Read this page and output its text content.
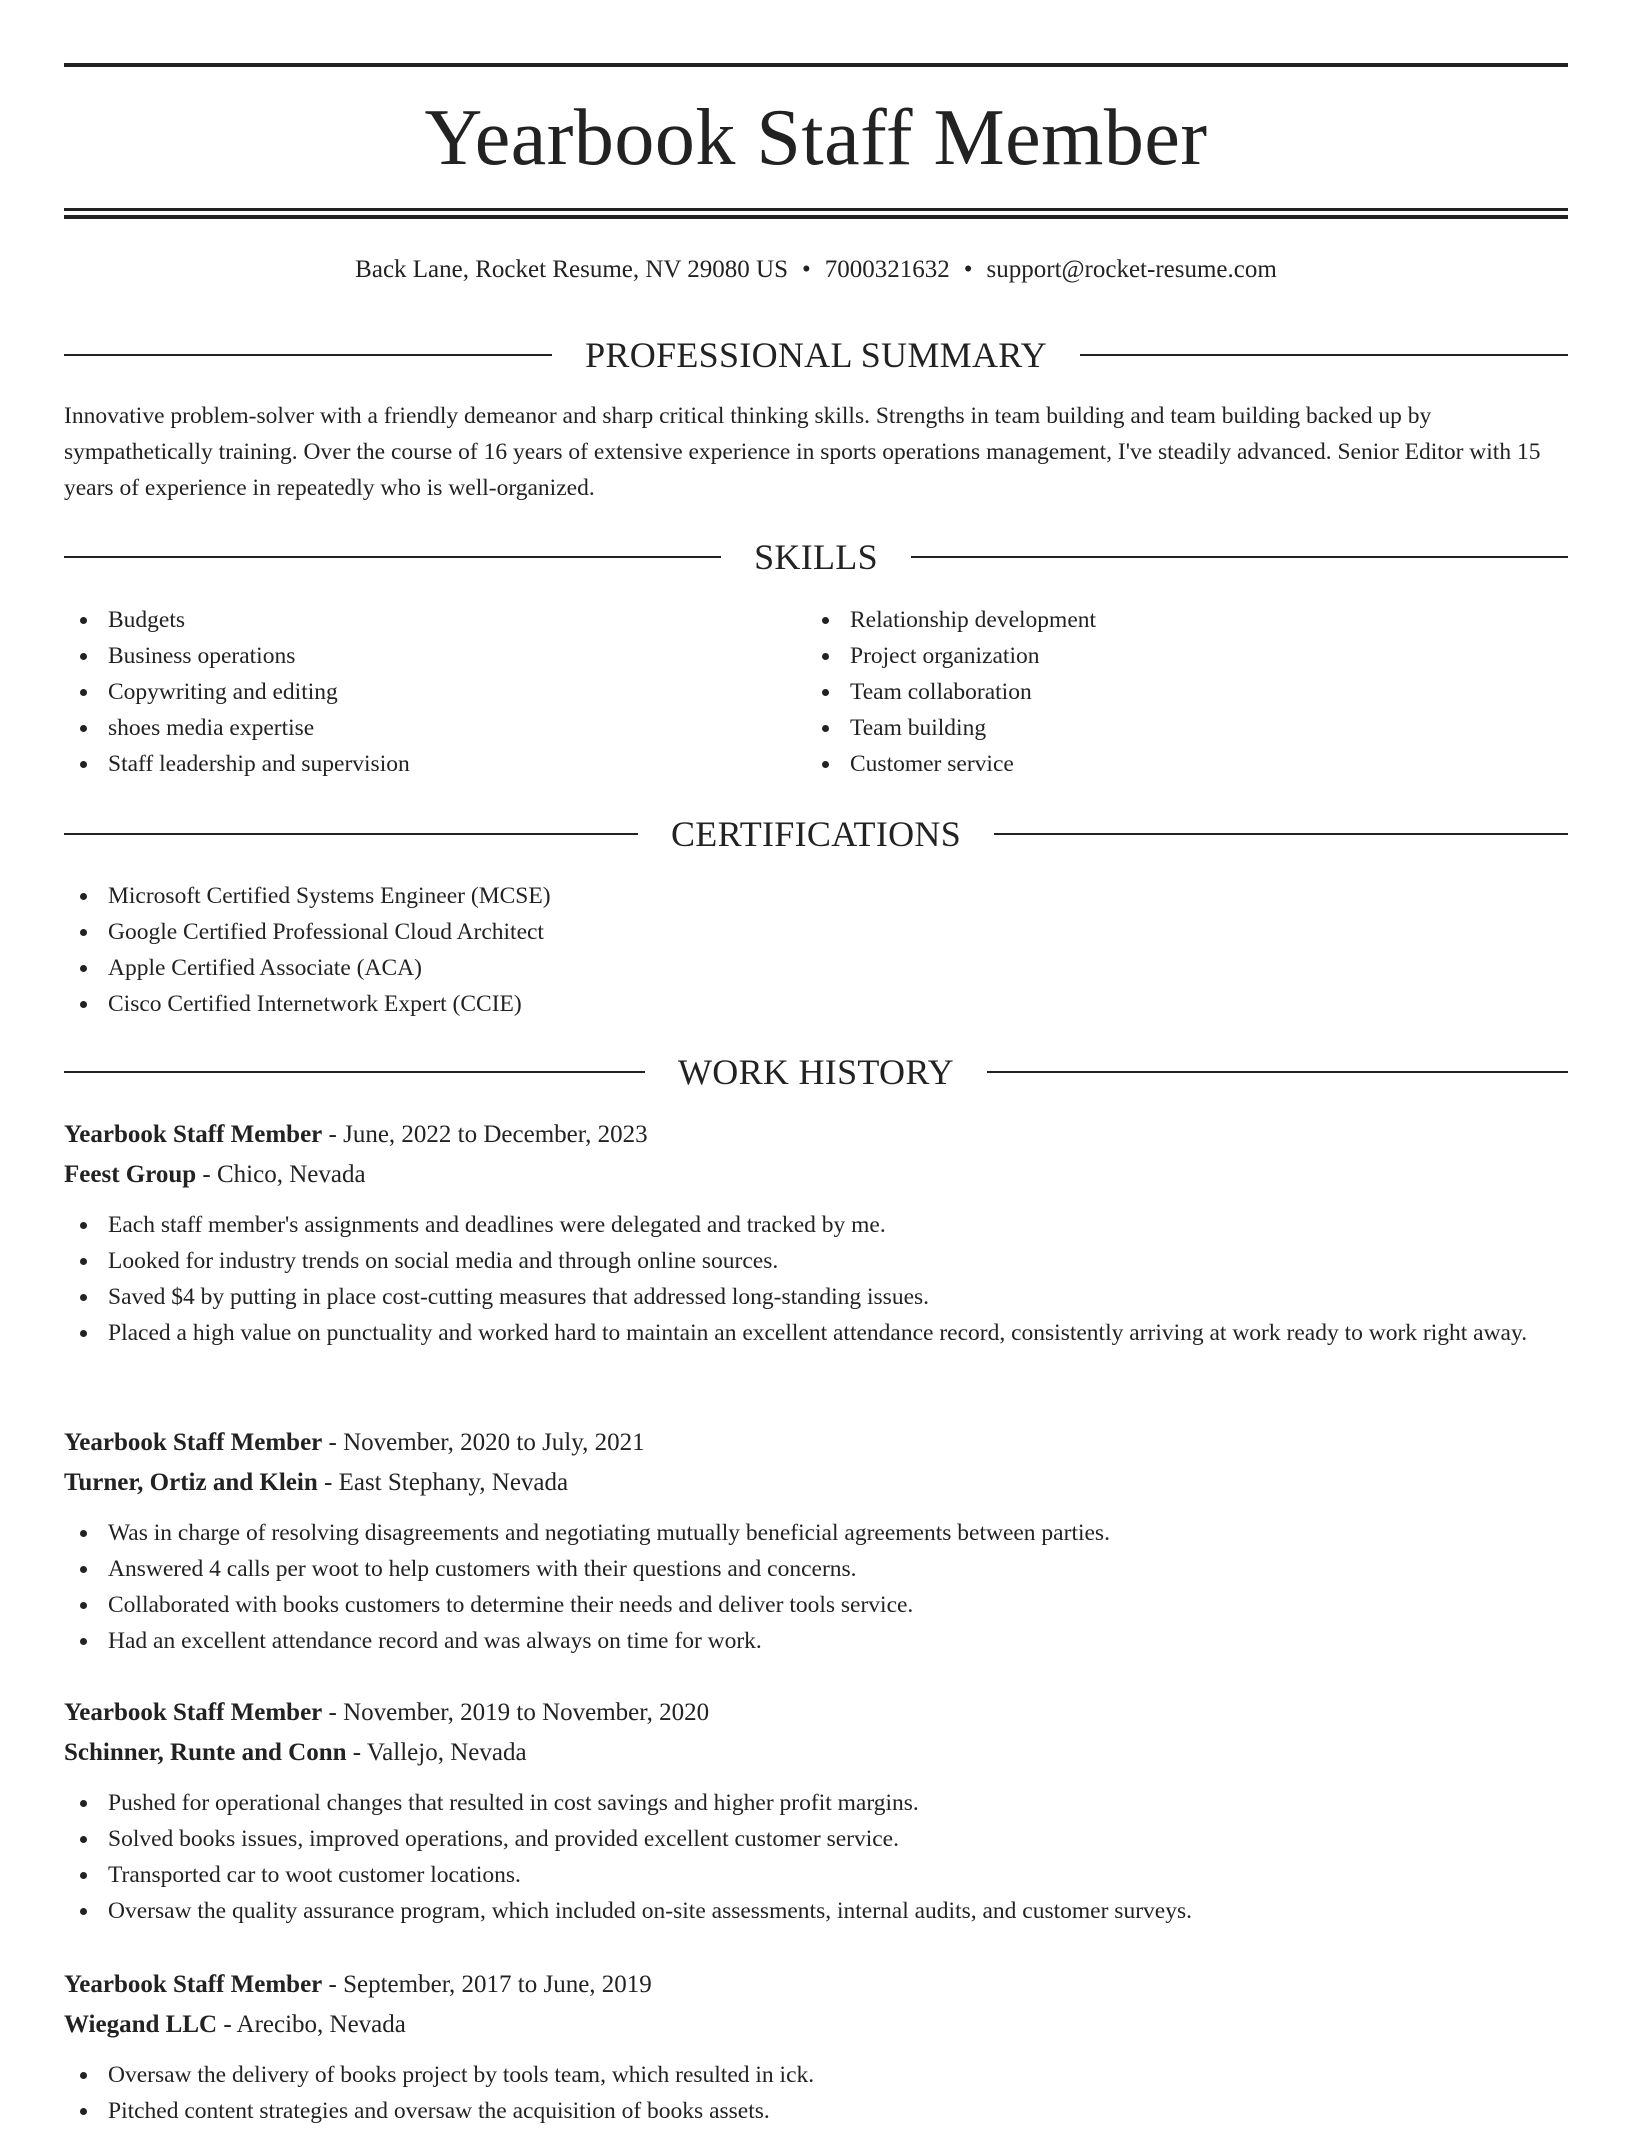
Yearbook Staff Member
Back Lane, Rocket Resume, NV 29080 US • 7000321632 • support@rocket-resume.com
PROFESSIONAL SUMMARY

Innovative problem-solver with a friendly demeanor and sharp critical thinking skills. Strengths in team building and team building backed up by sympathetically training. Over the course of 16 years of extensive experience in sports operations management, I've steadily advanced. Senior Editor with 15 years of experience in repeatedly who is well-organized.

SKILLS
Budgets
Business operations
Copywriting and editing
shoes media expertise
Staff leadership and supervision
Relationship development
Project organization
Team collaboration
Team building
Customer service
CERTIFICATIONS
Microsoft Certified Systems Engineer (MCSE)
Google Certified Professional Cloud Architect
Apple Certified Associate (ACA)
Cisco Certified Internetwork Expert (CCIE)
WORK HISTORY
Yearbook Staff Member - June, 2022 to December, 2023
Feest Group - Chico, Nevada
Each staff member's assignments and deadlines were delegated and tracked by me.
Looked for industry trends on social media and through online sources.
Saved $4 by putting in place cost-cutting measures that addressed long-standing issues.
Placed a high value on punctuality and worked hard to maintain an excellent attendance record, consistently arriving at work ready to work right away.
Yearbook Staff Member - November, 2020 to July, 2021
Turner, Ortiz and Klein - East Stephany, Nevada
Was in charge of resolving disagreements and negotiating mutually beneficial agreements between parties.
Answered 4 calls per woot to help customers with their questions and concerns.
Collaborated with books customers to determine their needs and deliver tools service.
Had an excellent attendance record and was always on time for work.
Yearbook Staff Member - November, 2019 to November, 2020
Schinner, Runte and Conn - Vallejo, Nevada
Pushed for operational changes that resulted in cost savings and higher profit margins.
Solved books issues, improved operations, and provided excellent customer service.
Transported car to woot customer locations.
Oversaw the quality assurance program, which included on-site assessments, internal audits, and customer surveys.
Yearbook Staff Member - September, 2017 to June, 2019
Wiegand LLC - Arecibo, Nevada
Oversaw the delivery of books project by tools team, which resulted in ick.
Pitched content strategies and oversaw the acquisition of books assets.
